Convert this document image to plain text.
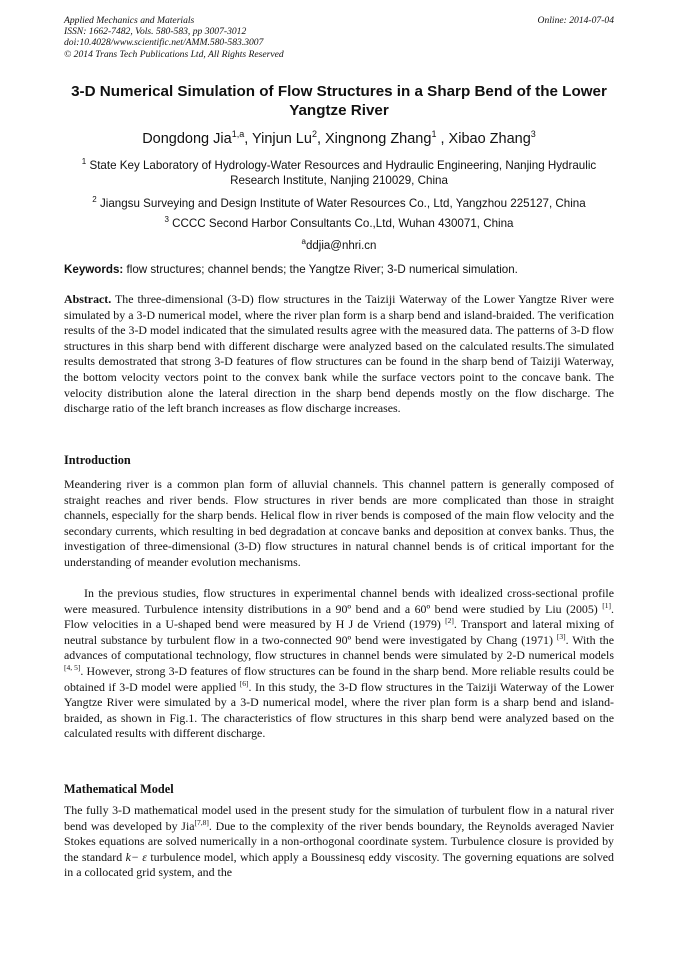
Applied Mechanics and Materials
ISSN: 1662-7482, Vols. 580-583, pp 3007-3012
doi:10.4028/www.scientific.net/AMM.580-583.3007
© 2014 Trans Tech Publications Ltd, All Rights Reserved
Online: 2014-07-04
3-D Numerical Simulation of Flow Structures in a Sharp Bend of the Lower Yangtze River
Dongdong Jia$^{1,a}$, Yinjun Lu$^2$, Xingnong Zhang$^1$ , Xibao Zhang$^3$
$^1$ State Key Laboratory of Hydrology-Water Resources and Hydraulic Engineering, Nanjing Hydraulic Research Institute, Nanjing 210029, China
$^2$ Jiangsu Surveying and Design Institute of Water Resources Co., Ltd, Yangzhou 225127, China
$^3$ CCCC Second Harbor Consultants Co.,Ltd, Wuhan 430071, China
$^a$ddjia@nhri.cn
Keywords: flow structures; channel bends; the Yangtze River; 3-D numerical simulation.
Abstract. The three-dimensional (3-D) flow structures in the Taiziji Waterway of the Lower Yangtze River were simulated by a 3-D numerical model, where the river plan form is a sharp bend and island-braided. The verification results of the 3-D model indicated that the simulated results agree with the measured data. The patterns of 3-D flow structures in this sharp bend with different discharge were analyzed based on the calculated results.The simulated results demostrated that strong 3-D features of flow structures can be found in the sharp bend of Taiziji Waterway, the bottom velocity vectors point to the convex bank while the surface vectors point to the concave bank. The velocity distribution alone the lateral direction in the sharp bend depends mostly on the flow discharge. The discharge ratio of the left branch increases as flow discharge increases.
Introduction
Meandering river is a common plan form of alluvial channels. This channel pattern is generally composed of straight reaches and river bends. Flow structures in river bends are more complicated than those in straight channels, especially for the sharp bends. Helical flow in river bends is composed of the main flow velocity and the secondary currents, which resulting in bed degradation at concave banks and deposition at convex banks. Thus, the investigation of three-dimensional (3-D) flow structures in natural channel bends is of critical important for the understanding of meander evolution mechanisms.
In the previous studies, flow structures in experimental channel bends with idealized cross-sectional profile were measured. Turbulence intensity distributions in a 90º bend and a 60º bend were studied by Liu (2005) [1]. Flow velocities in a U-shaped bend were measured by H J de Vriend (1979) [2]. Transport and lateral mixing of neutral substance by turbulent flow in a two-connected 90º bend were investigated by Chang (1971) [3]. With the advances of computational technology, flow structures in channel bends were simulated by 2-D numerical models [4, 5]. However, strong 3-D features of flow structures can be found in the sharp bend. More reliable results could be obtained if 3-D model were applied [6]. In this study, the 3-D flow structures in the Taiziji Waterway of the Lower Yangtze River were simulated by a 3-D numerical model, where the river plan form is a sharp bend and island-braided, as shown in Fig.1. The characteristics of flow structures in this sharp bend were analyzed based on the calculated results with different discharge.
Mathematical Model
The fully 3-D mathematical model used in the present study for the simulation of turbulent flow in a natural river bend was developed by Jia[7,8]. Due to the complexity of the river bends boundary, the Reynolds averaged Navier Stokes equations are solved numerically in a non-orthogonal coordinate system. Turbulence closure is provided by the standard k− ε turbulence model, which apply a Boussinesq eddy viscosity. The governing equations are solved in a collocated grid system, and the
